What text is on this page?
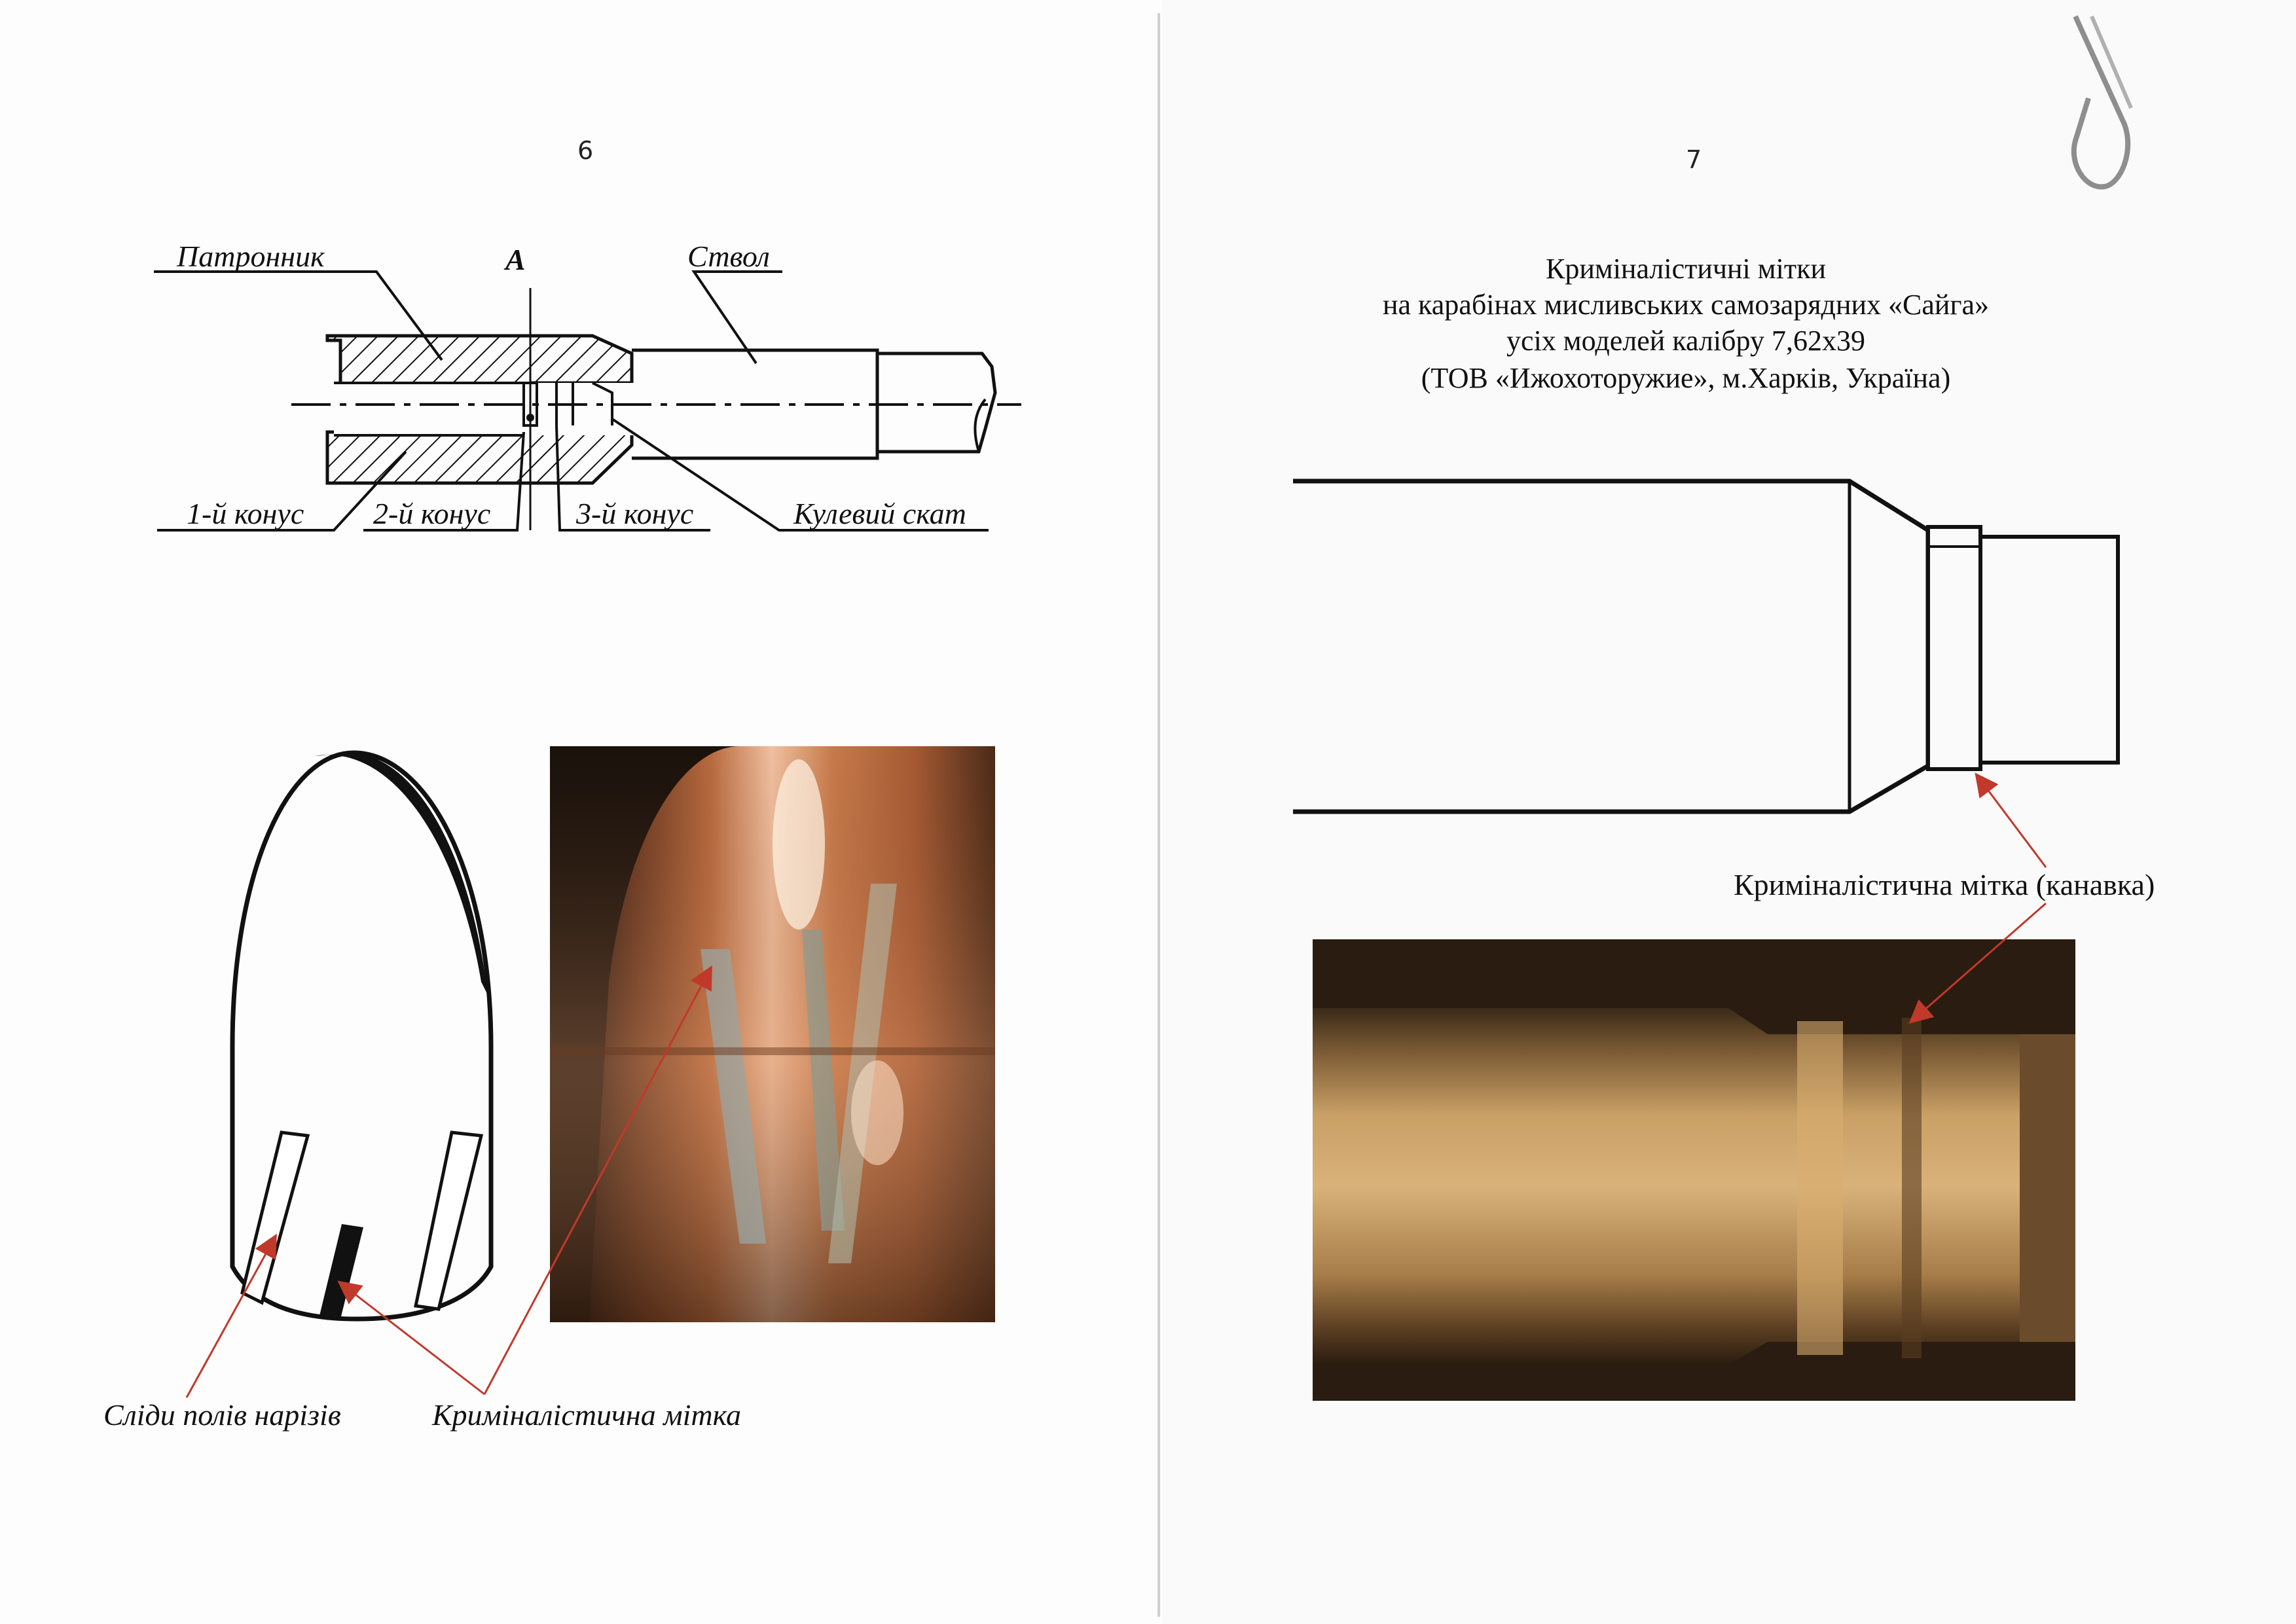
6	7
Патронник	А	Ствол
1-й конус 2-й конус	3-й конус	Кулевий скат
Сліди полів нарізів	Криміналістична мітка
Криміналістичні мітки
на карабінах мисливських самозарядних «Сайга»
усіх моделей калібру 7,62х39
(ТОВ «Ижохоторужие», м.Харків, Україна)
Криміналістична мітка (канавка)
